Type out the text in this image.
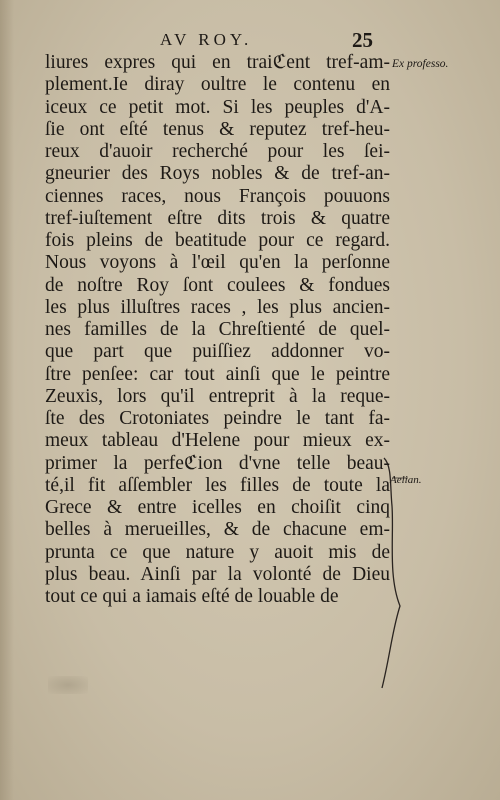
AV ROY.	25
Ex professo.
Aelian.
liures expres qui en traiℭent tref-am-
plement.Ie diray oultre le contenu en
iceux ce petit mot. Si les peuples d'A-
ſie ont eſté tenus & reputez tref-heu-
reux d'auoir recherché pour les ſei-
gneurier des Roys nobles & de tref-an-
ciennes races, nous François pouuons
tref-iuſtement eſtre dits trois & quatre
fois pleins de beatitude pour ce regard.
Nous voyons à l'œil qu'en la perſonne
de noſtre Roy ſont coulees & fondues
les plus illuſtres races , les plus ancien-
nes familles de la Chreſtienté de quel-
que part que puiſſiez addonner vo-
ſtre penſee: car tout ainſi que le peintre
Zeuxis, lors qu'il entreprit à la reque-
ſte des Crotoniates peindre le tant fa-
meux tableau d'Helene pour mieux ex-
primer la perfeℭion d'vne telle beau-
té,il fit aſſembler les filles de toute la
Grece & entre icelles en choiſit cinq
belles à merueilles, & de chacune em-
prunta ce que nature y auoit mis de
plus beau. Ainſi par la volonté de Dieu
tout ce qui a iamais eſté de louable de
